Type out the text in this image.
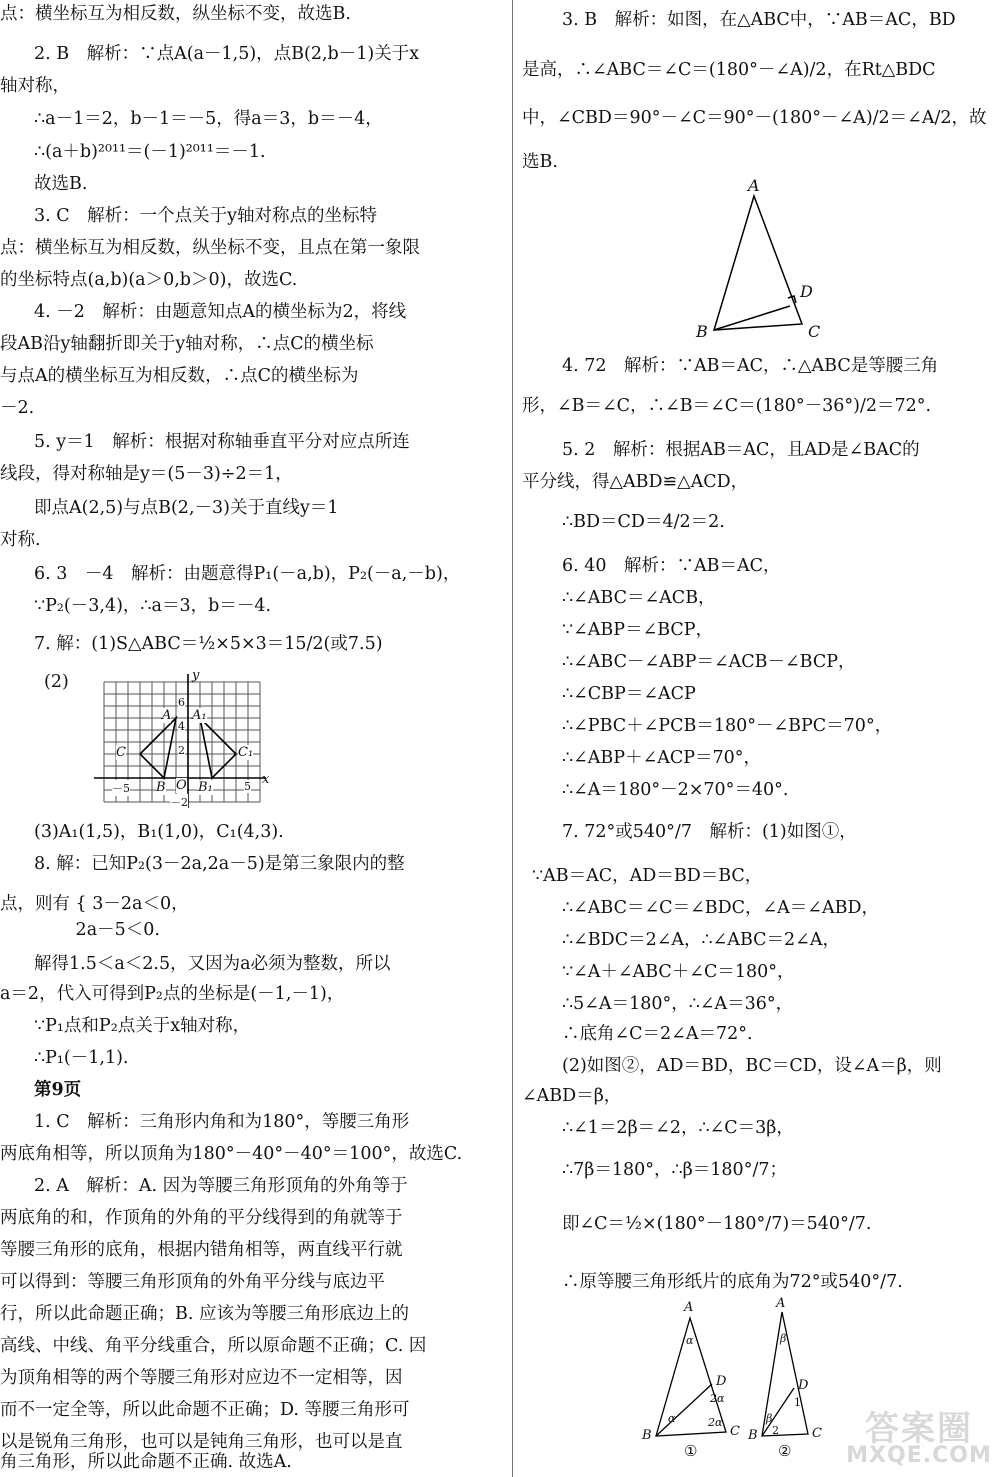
点：横坐标互为相反数，纵坐标不变，故选B.
2. B　解析：∵点A(a－1,5)，点B(2,b－1)关于x
轴对称，
∴a－1＝2，b－1＝－5，得a＝3，b＝－4，
∴(a＋b)²⁰¹¹＝(－1)²⁰¹¹＝－1.
故选B.
3. C　解析：一个点关于y轴对称点的坐标特
点：横坐标互为相反数，纵坐标不变，且点在第一象限
的坐标特点(a,b)(a＞0,b＞0)，故选C.
4. －2　解析：由题意知点A的横坐标为2，将线
段AB沿y轴翻折即关于y轴对称，∴点C的横坐标
与点A的横坐标互为相反数，∴点C的横坐标为
－2.
5. y＝1　解析：根据对称轴垂直平分对应点所连
线段，得对称轴是y＝(5－3)÷2＝1，
即点A(2,5)与点B(2,－3)关于直线y＝1
对称.
6. 3　－4　解析：由题意得P₁(－a,b)，P₂(－a,－b)，
∵P₂(－3,4)，∴a＝3，b＝－4.
7. 解：(1)S△ABC＝½×5×3＝15/2(或7.5)
(2)	y
x
O
A A₁
C	C₁
B B₁
6
4
2
－2
－5	5
(3)A₁(1,5)，B₁(1,0)，C₁(4,3).
8. 解：已知P₂(3－2a,2a－5)是第三象限内的整
点，则有 { 3－2a＜0，
　　　　 2a－5＜0.
解得1.5＜a＜2.5，又因为a必须为整数，所以
a＝2，代入可得到P₂点的坐标是(－1,－1)，
∵P₁点和P₂点关于x轴对称，
∴P₁(－1,1).
第9页
1. C　解析：三角形内角和为180°，等腰三角形
两底角相等，所以顶角为180°－40°－40°＝100°，故选C.
2. A　解析：A. 因为等腰三角形顶角的外角等于
两底角的和，作顶角的外角的平分线得到的角就等于
等腰三角形的底角，根据内错角相等，两直线平行就
可以得到：等腰三角形顶角的外角平分线与底边平
行，所以此命题正确；B. 应该为等腰三角形底边上的
高线、中线、角平分线重合，所以原命题不正确；C. 因
为顶角相等的两个等腰三角形对应边不一定相等，因
而不一定全等，所以此命题不正确；D. 等腰三角形可
以是锐角三角形，也可以是钝角三角形，也可以是直
角三角形，所以此命题不正确. 故选A.
3. B　解析：如图，在△ABC中，∵AB＝AC，BD
是高，∴∠ABC＝∠C＝(180°－∠A)/2，在Rt△BDC
中，∠CBD＝90°－∠C＝90°－(180°－∠A)/2＝∠A/2，故
选B.
A
B	C
D
4. 72　解析：∵AB＝AC，∴△ABC是等腰三角
形，∠B＝∠C，∴∠B＝∠C＝(180°－36°)/2＝72°.
5. 2　解析：根据AB＝AC，且AD是∠BAC的
平分线，得△ABD≌△ACD，
∴BD＝CD＝4/2＝2.
6. 40　解析：∵AB＝AC，
∴∠ABC＝∠ACB，
∵∠ABP＝∠BCP，
∴∠ABC－∠ABP＝∠ACB－∠BCP，
∴∠CBP＝∠ACP
∴∠PBC＋∠PCB＝180°－∠BPC＝70°，
∴∠ABP＋∠ACP＝70°，
∴∠A＝180°－2×70°＝40°.
7. 72°或540°/7　解析：(1)如图①，
∵AB＝AC，AD＝BD＝BC，
∴∠ABC＝∠C＝∠BDC，∠A＝∠ABD，
∴∠BDC＝2∠A，∴∠ABC＝2∠A，
∵∠A＋∠ABC＋∠C＝180°，
∴5∠A＝180°，∴∠A＝36°，
∴底角∠C＝2∠A＝72°.
(2)如图②，AD＝BD，BC＝CD，设∠A＝β，则
∠ABD＝β，
∴∠1＝2β＝∠2，∴∠C＝3β，
∴7β＝180°，∴β＝180°/7；
即∠C＝½×(180°－180°/7)＝540°/7.
∴原等腰三角形纸片的底角为72°或540°/7.
A
B	C
D
α
α
2α
2α
①
A
B	C
D
β
β
1
2
②
答案圈
MXQE.COM
